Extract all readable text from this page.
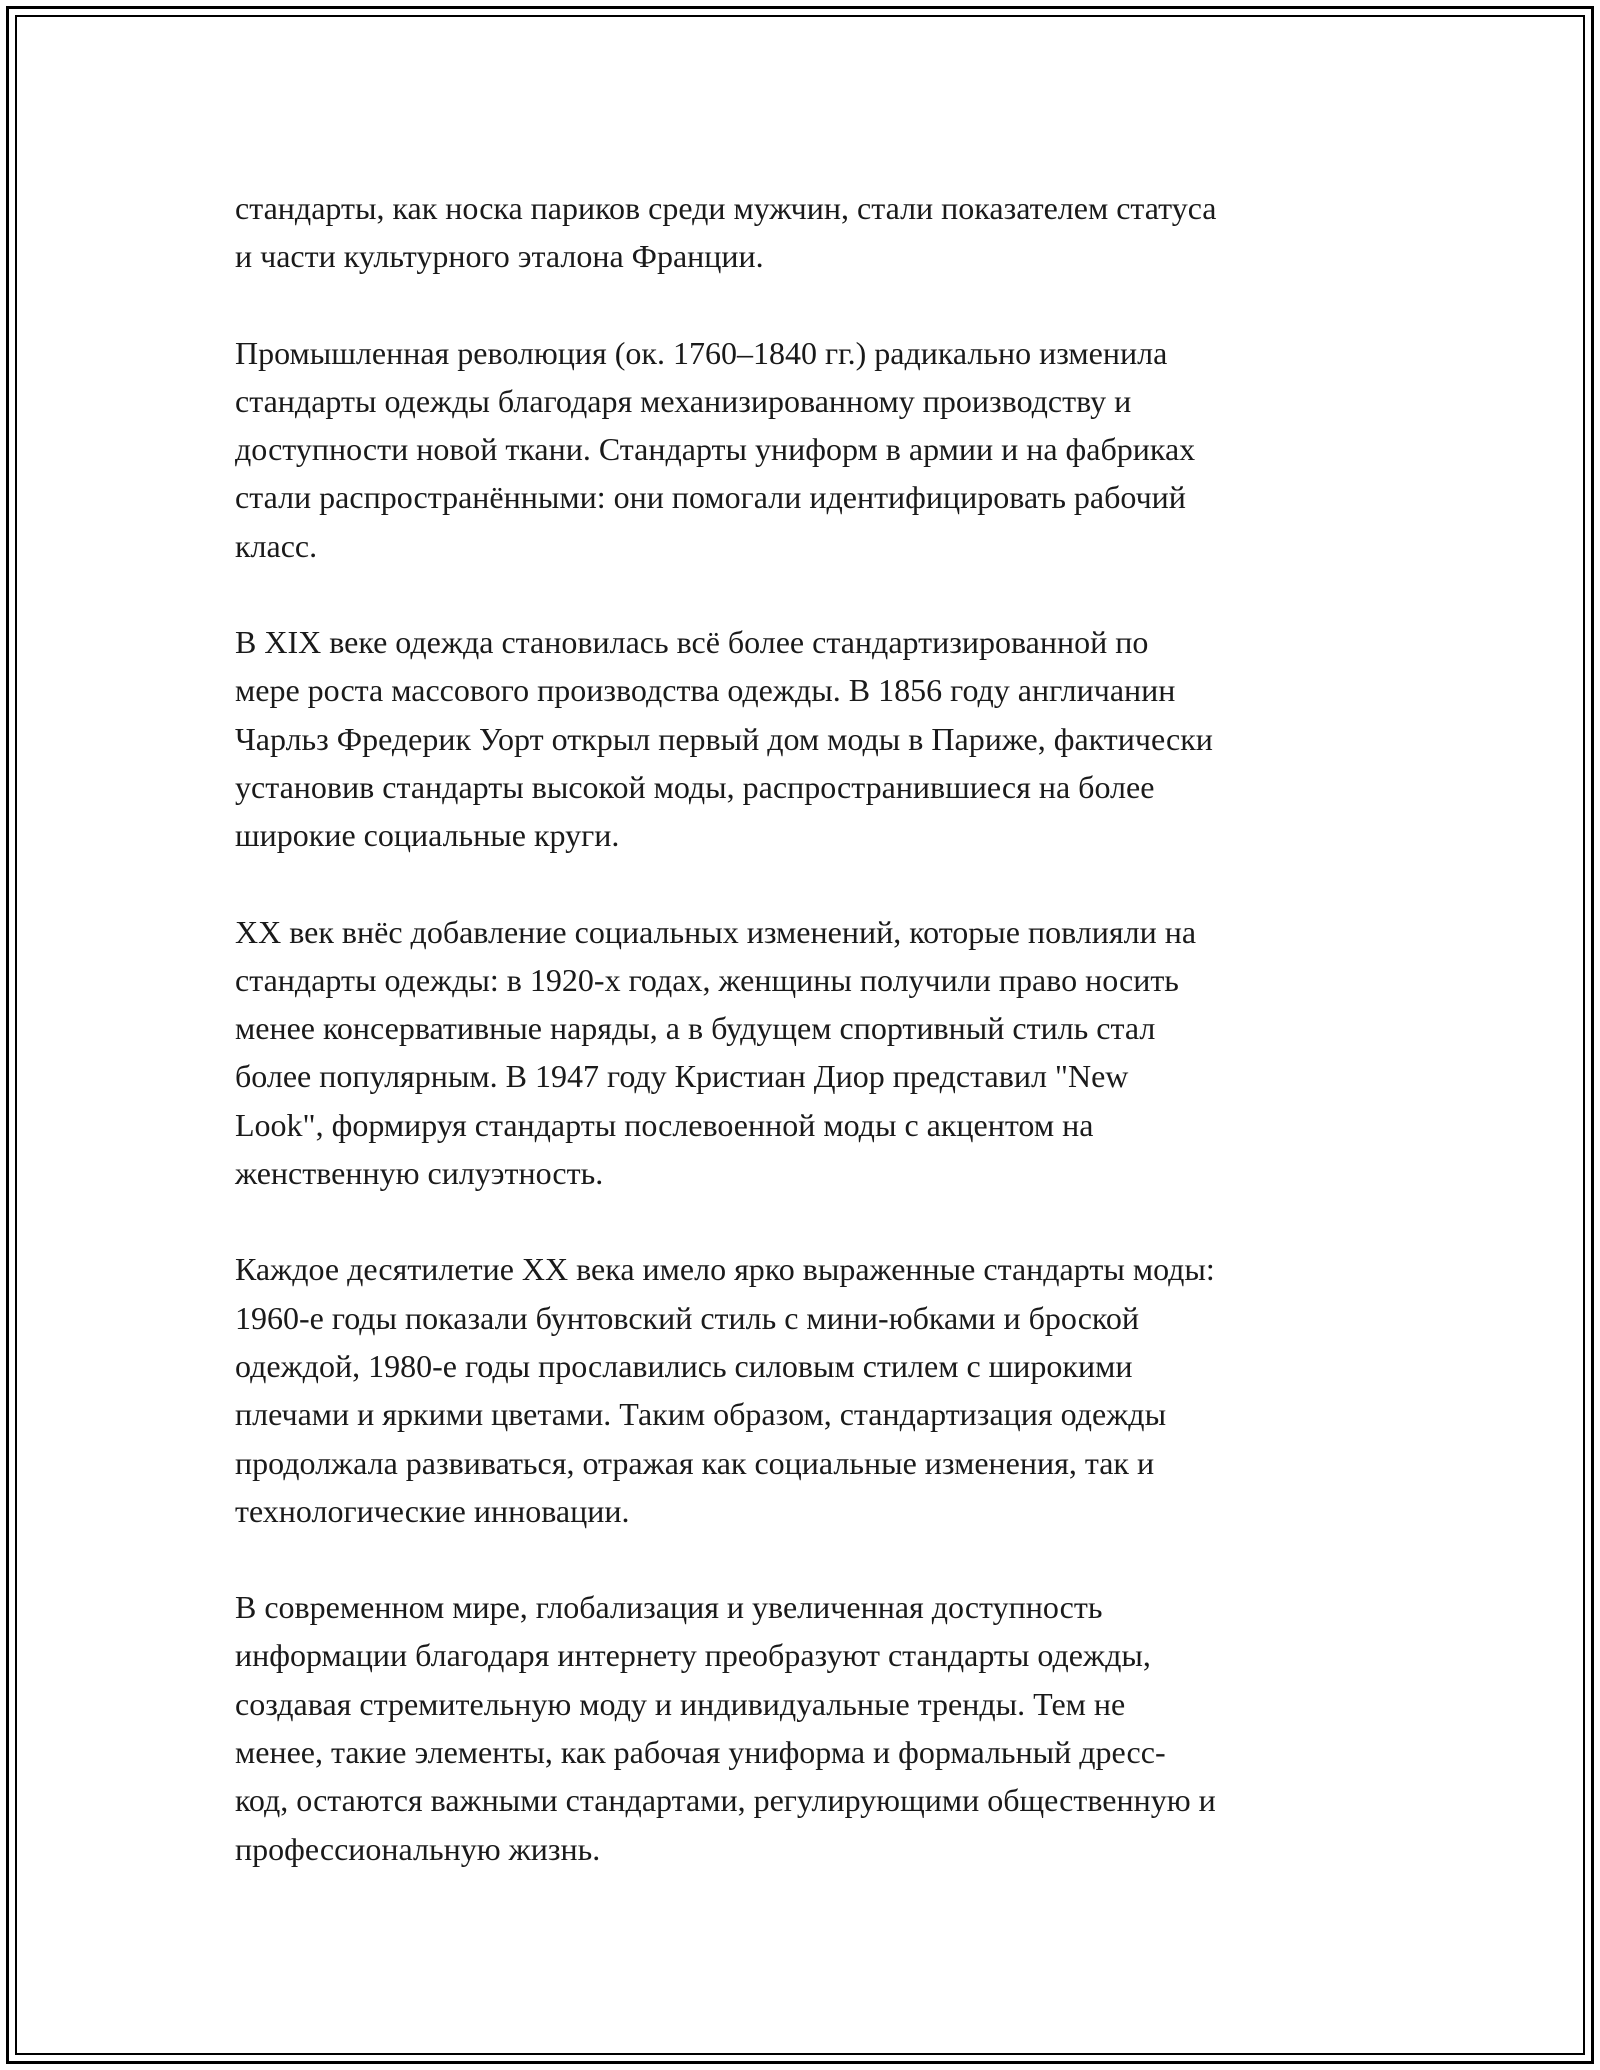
стандарты, как носка париков среди мужчин, стали показателем статуса
и части культурного эталона Франции.

Промышленная революция (ок. 1760–1840 гг.) радикально изменила
стандарты одежды благодаря механизированному производству и
доступности новой ткани. Стандарты униформ в армии и на фабриках
стали распространёнными: они помогали идентифицировать рабочий
класс.

В XIX веке одежда становилась всё более стандартизированной по
мере роста массового производства одежды. В 1856 году англичанин
Чарльз Фредерик Уорт открыл первый дом моды в Париже, фактически
установив стандарты высокой моды, распространившиеся на более
широкие социальные круги.

XX век внёс добавление социальных изменений, которые повлияли на
стандарты одежды: в 1920-х годах, женщины получили право носить
менее консервативные наряды, а в будущем спортивный стиль стал
более популярным. В 1947 году Кристиан Диор представил "New
Look", формируя стандарты послевоенной моды с акцентом на
женственную силуэтность.

Каждое десятилетие XX века имело ярко выраженные стандарты моды:
1960-е годы показали бунтовский стиль с мини-юбками и броской
одеждой, 1980-е годы прославились силовым стилем с широкими
плечами и яркими цветами. Таким образом, стандартизация одежды
продолжала развиваться, отражая как социальные изменения, так и
технологические инновации.

В современном мире, глобализация и увеличенная доступность
информации благодаря интернету преобразуют стандарты одежды,
создавая стремительную моду и индивидуальные тренды. Тем не
менее, такие элементы, как рабочая униформа и формальный дресс-
код, остаются важными стандартами, регулирующими общественную и
профессиональную жизнь.
